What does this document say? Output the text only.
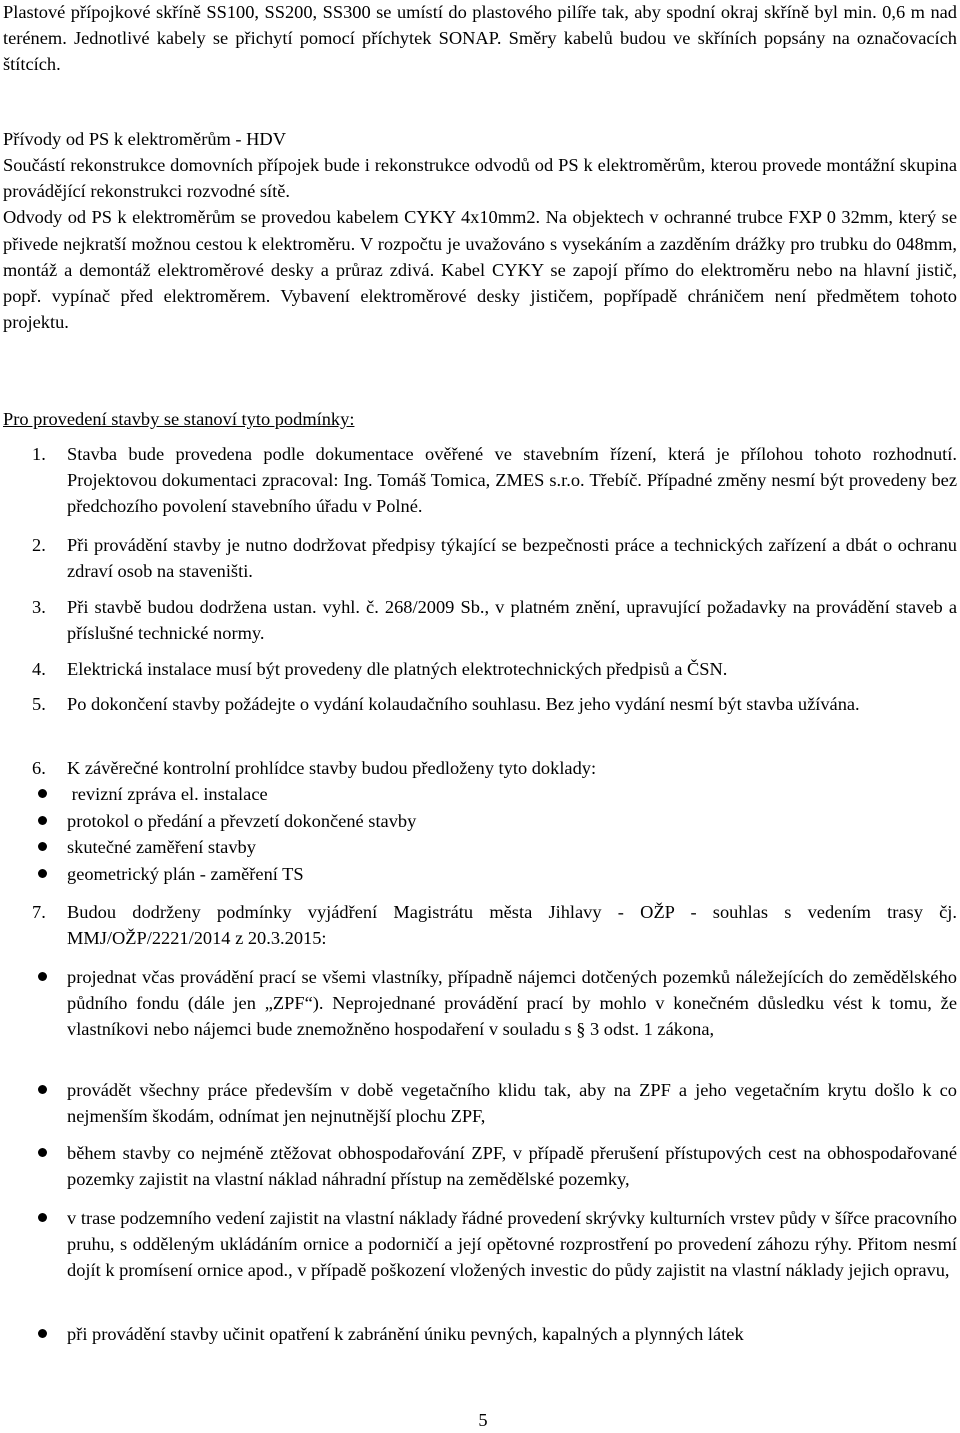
Plastové přípojkové skříně SS100, SS200, SS300 se umístí do plastového pilíře tak, aby spodní okraj skříně byl min. 0,6 m nad terénem. Jednotlivé kabely se přichytí pomocí příchytek SONAP. Směry kabelů budou ve skříních popsány na označovacích štítcích.

Přívody od PS k elektroměrům - HDV

Součástí rekonstrukce domovních přípojek bude i rekonstrukce odvodů od PS k elektroměrům, kterou provede montážní skupina provádějící rekonstrukci rozvodné sítě.

Odvody od PS k elektroměrům se provedou kabelem CYKY 4x10mm2. Na objektech v ochranné trubce FXP 0 32mm, který se přivede nejkratší možnou cestou k elektroměru. V rozpočtu je uvažováno s vysekáním a zazděním drážky pro trubku do 048mm, montáž a demontáž elektroměrové desky a průraz zdivá. Kabel CYKY se zapojí přímo do elektroměru nebo na hlavní jistič, popř. vypínač před elektroměrem. Vybavení elektroměrové desky jističem, popřípadě chráničem není předmětem tohoto projektu.

Pro provedení stavby se stanoví tyto podmínky:
1. Stavba bude provedena podle dokumentace ověřené ve stavebním řízení, která je přílohou tohoto rozhodnutí. Projektovou dokumentaci zpracoval: Ing. Tomáš Tomica, ZMES s.r.o. Třebíč. Případné změny nesmí být provedeny bez předchozího povolení stavebního úřadu v Polné.

2. Při provádění stavby je nutno dodržovat předpisy týkající se bezpečnosti práce a technických zařízení a dbát o ochranu zdraví osob na staveništi.

3. Při stavbě budou dodržena ustan. vyhl. č. 268/2009 Sb., v platném znění, upravující požadavky na provádění staveb a příslušné technické normy.

4. Elektrická instalace musí být provedeny dle platných elektrotechnických předpisů a ČSN.

5. Po dokončení stavby požádejte o vydání kolaudačního souhlasu. Bez jeho vydání nesmí být stavba užívána.

6. K závěrečné kontrolní prohlídce stavby budou předloženy tyto doklady:

revizní zpráva el. instalace

protokol o předání a převzetí dokončené stavby

skutečné zaměření stavby

geometrický plán - zaměření TS

7. Budou dodrženy podmínky vyjádření Magistrátu města Jihlavy - OŽP - souhlas s vedením trasy čj. MMJ/OŽP/2221/2014 z 20.3.2015:

projednat včas provádění prací se všemi vlastníky, případně nájemci dotčených pozemků náležejících do zemědělského půdního fondu (dále jen „ZPF“). Neprojednané provádění prací by mohlo v konečném důsledku vést k tomu, že vlastníkovi nebo nájemci bude znemožněno hospodaření v souladu s § 3 odst. 1 zákona,

provádět všechny práce především v době vegetačního klidu tak, aby na ZPF a jeho vegetačním krytu došlo k co nejmenším škodám, odnímat jen nejnutnější plochu ZPF,

během stavby co nejméně ztěžovat obhospodařování ZPF, v případě přerušení přístupových cest na obhospodařované pozemky zajistit na vlastní náklad náhradní přístup na zemědělské pozemky,

v trase podzemního vedení zajistit na vlastní náklady řádné provedení skrývky kulturních vrstev půdy v šířce pracovního pruhu, s odděleným ukládáním ornice a podorničí a její opětovné rozprostření po provedení záhozu rýhy. Přitom nesmí dojít k promísení ornice apod., v případě poškození vložených investic do půdy zajistit na vlastní náklady jejich opravu,

při provádění stavby učinit opatření k zabránění úniku pevných, kapalných a plynných látek

5
